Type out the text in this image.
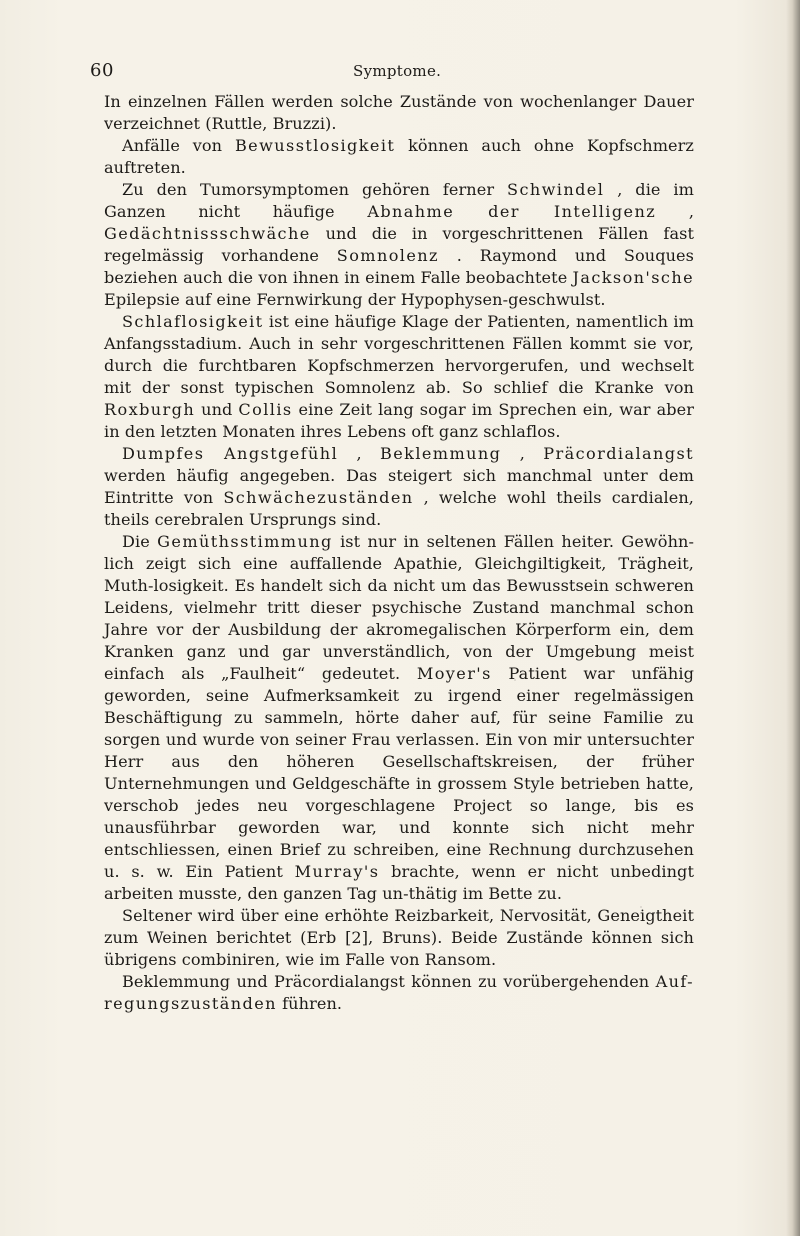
60	Symptome.

In einzelnen Fällen werden solche Zustände von wochenlanger Dauer verzeichnet (Ruttle, Bruzzi).

Anfälle von Bewusstlosigkeit können auch ohne Kopfschmerz auftreten.

Zu den Tumorsymptomen gehören ferner Schwindel , die im Ganzen nicht häufige Abnahme der Intelligenz , Gedächtnissschwäche und die in vorgeschrittenen Fällen fast regelmässig vorhandene Somnolenz . Raymond und Souques beziehen auch die von ihnen in einem Falle beobachtete Jackson'sche Epilepsie auf eine Fernwirkung der Hypophysen-geschwulst.

Schlaflosigkeit ist eine häufige Klage der Patienten, namentlich im Anfangsstadium. Auch in sehr vorgeschrittenen Fällen kommt sie vor, durch die furchtbaren Kopfschmerzen hervorgerufen, und wechselt mit der sonst typischen Somnolenz ab. So schlief die Kranke von Roxburgh und Collis eine Zeit lang sogar im Sprechen ein, war aber in den letzten Monaten ihres Lebens oft ganz schlaflos.

Dumpfes Angstgefühl , Beklemmung , Präcordialangst werden häufig angegeben. Das steigert sich manchmal unter dem Eintritte von Schwächezuständen , welche wohl theils cardialen, theils cerebralen Ursprungs sind.

Die Gemüthsstimmung ist nur in seltenen Fällen heiter. Gewöhn-lich zeigt sich eine auffallende Apathie, Gleichgiltigkeit, Trägheit, Muth-losigkeit. Es handelt sich da nicht um das Bewusstsein schweren Leidens, vielmehr tritt dieser psychische Zustand manchmal schon Jahre vor der Ausbildung der akromegalischen Körperform ein, dem Kranken ganz und gar unverständlich, von der Umgebung meist einfach als „Faulheit“ gedeutet. Moyer's Patient war unfähig geworden, seine Aufmerksamkeit zu irgend einer regelmässigen Beschäftigung zu sammeln, hörte daher auf, für seine Familie zu sorgen und wurde von seiner Frau verlassen. Ein von mir untersuchter Herr aus den höheren Gesellschaftskreisen, der früher Unternehmungen und Geldgeschäfte in grossem Style betrieben hatte, verschob jedes neu vorgeschlagene Project so lange, bis es unausführbar geworden war, und konnte sich nicht mehr entschliessen, einen Brief zu schreiben, eine Rechnung durchzusehen u. s. w. Ein Patient Murray's brachte, wenn er nicht unbedingt arbeiten musste, den ganzen Tag un-thätig im Bette zu.

Seltener wird über eine erhöhte Reizbarkeit, Nervosität, Geneigtheit zum Weinen berichtet (Erb [2], Bruns). Beide Zustände können sich übrigens combiniren, wie im Falle von Ransom.

Beklemmung und Präcordialangst können zu vorübergehenden Auf-regungszuständen führen.
